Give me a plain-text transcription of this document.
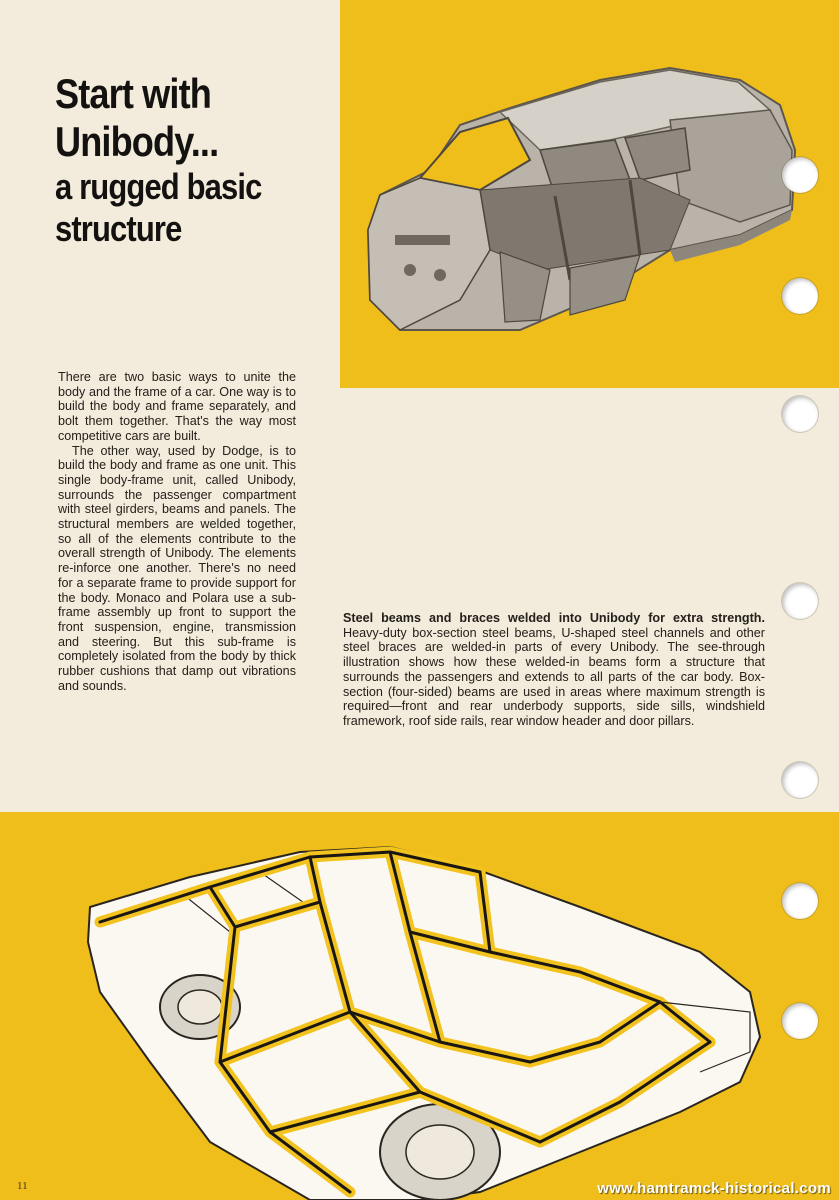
Start with
Unibody...
a rugged basic
structure

There are two basic ways to unite the body and the frame of a car. One way is to build the body and frame separately, and bolt them together. That's the way most competitive cars are built.

The other way, used by Dodge, is to build the body and frame as one unit. This single body-frame unit, called Unibody, surrounds the passenger compartment with steel girders, beams and panels. The structural members are welded together, so all of the elements contribute to the overall strength of Unibody. The elements re-inforce one another. There's no need for a separate frame to provide support for the body. Monaco and Polara use a sub-frame assembly up front to support the front suspension, engine, transmission and steering. But this sub-frame is completely isolated from the body by thick rubber cushions that damp out vibrations and sounds.

Steel beams and braces welded into Unibody for extra strength. Heavy-duty box-section steel beams, U-shaped steel channels and other steel braces are welded-in parts of every Unibody. The see-through illustration shows how these welded-in beams form a structure that surrounds the passengers and extends to all parts of the car body. Box-section (four-sided) beams are used in areas where maximum strength is required—front and rear underbody supports, side sills, windshield framework, roof side rails, rear window header and door pillars.
11	www.hamtramck-historical.com
